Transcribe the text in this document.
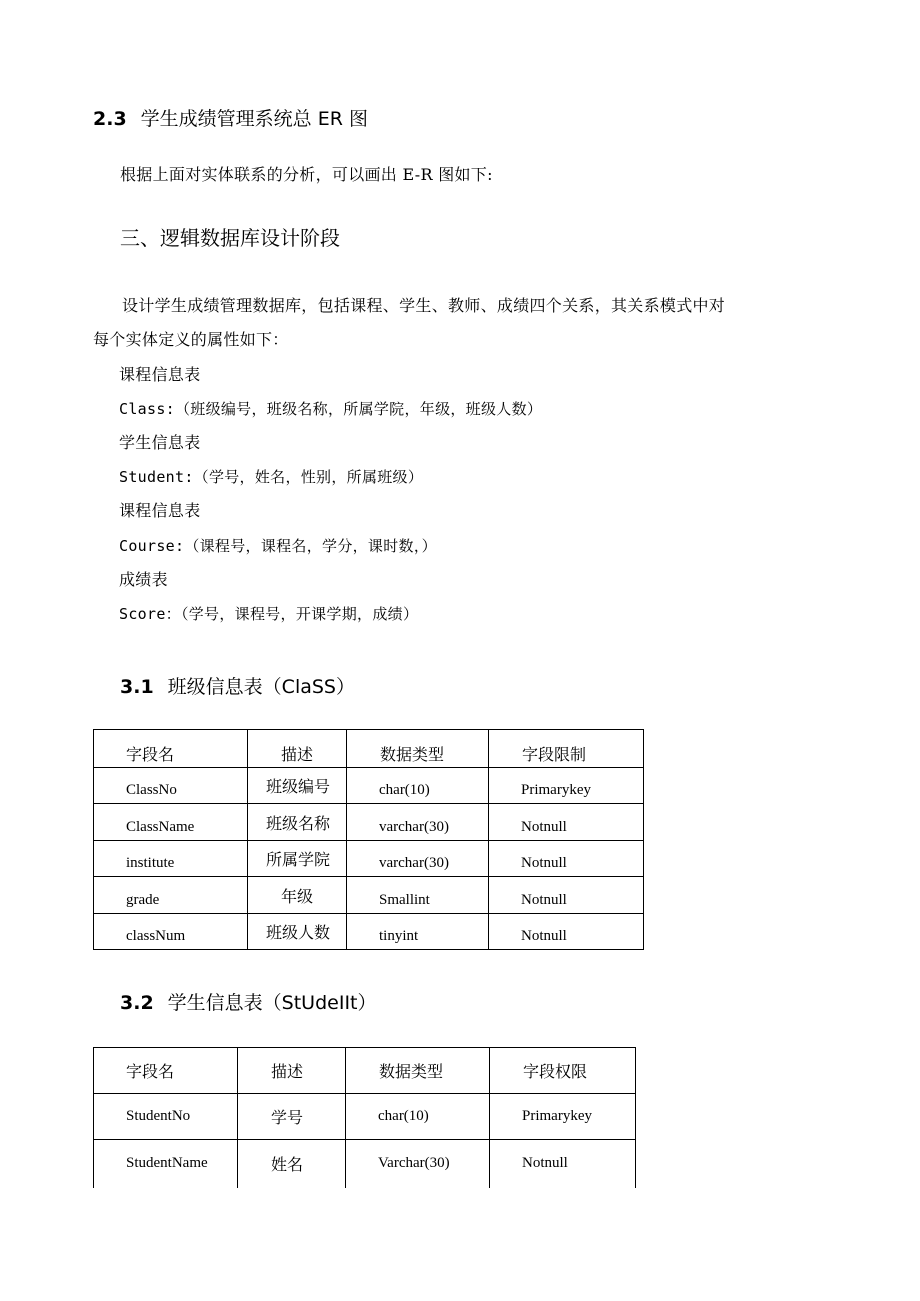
2.3 学生成绩管理系统总 ER 图
根据上面对实体联系的分析，可以画出 E-R 图如下:
三、逻辑数据库设计阶段
设计学生成绩管理数据库，包括课程、学生、教师、成绩四个关系，其关系模式中对
每个实体定义的属性如下：
课程信息表
Class:（班级编号，班级名称，所属学院，年级，班级人数）
学生信息表
Student:（学号，姓名，性别，所属班级）
课程信息表
Course:（课程号，课程名，学分，课时数，）
成绩表
Score：（学号，课程号，开课学期，成绩）
3.1 班级信息表（ClaSS）
字段名	描述	数据类型	字段限制
ClassNo	班级编号	char(10)	Primarykey
ClassName	班级名称	varchar(30)	Notnull
institute	所属学院	varchar(30)	Notnull
grade	年级	Smallint	Notnull
classNum	班级人数	tinyint	Notnull
3.2 学生信息表（StUdeIIt）
字段名	描述	数据类型	字段权限
StudentNo	学号	char(10)	Primarykey
StudentName	姓名	Varchar(30)	Notnull
